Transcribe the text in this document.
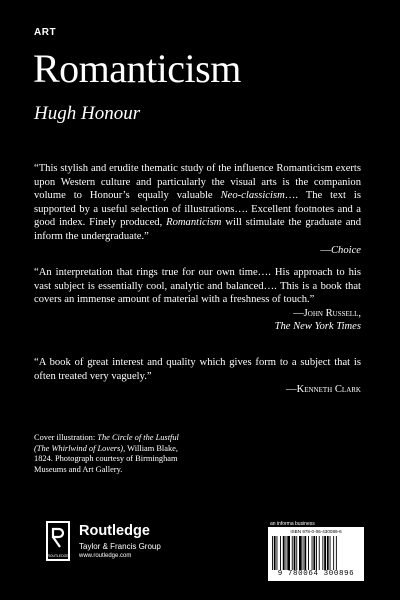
ART
Romanticism
Hugh Honour

“This stylish and erudite thematic study of the influence Romanticism exerts upon Western culture and particularly the visual arts is the companion volume to Honour’s equally valuable Neo-classicism…. The text is supported by a useful selection of illustrations…. Excellent footnotes and a good index. Finely produced, Romanticism will stimulate the graduate and inform the undergraduate.”

—Choice

“An interpretation that rings true for our own time…. His approach to his vast subject is essentially cool, analytic and balanced…. This is a book that covers an immense amount of material with a freshness of touch.”

—John Russell,
The New York Times

“A book of great interest and quality which gives form to a subject that is often treated very vaguely.”

—Kenneth Clark
Cover illustration: The Circle of the Lustful (The Whirlwind of Lovers), William Blake, 1824. Photograph courtesy of Birmingham Museums and Art Gallery.
ROUTLEDGE
Routledge
Taylor & Francis Group
www.routledge.com
an informa business
ISBN 978-0-06-430089-6
9 780064 300896
